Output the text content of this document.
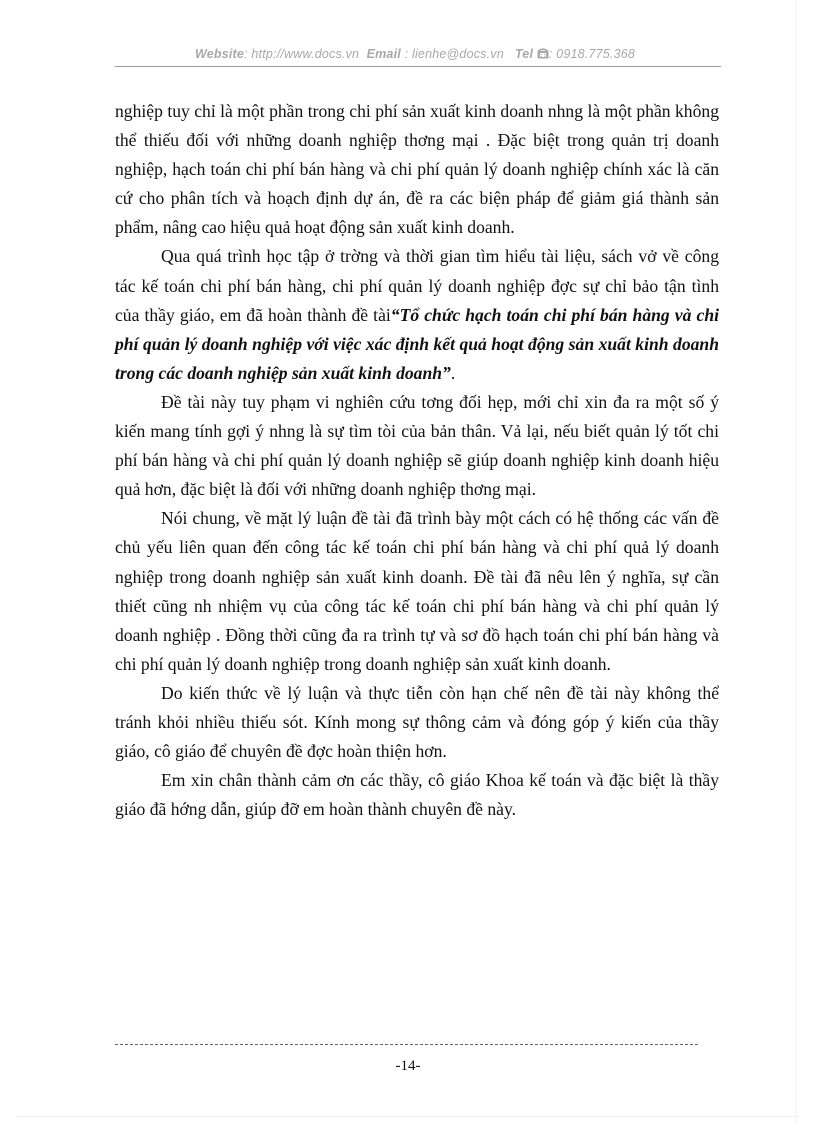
Website: http://www.docs.vn Email : lienhe@docs.vn Tel : 0918.775.368

nghiệp tuy chỉ là một phần trong chi phí sản xuất kinh doanh nhng là một phần không thể thiếu đối với những doanh nghiệp thơng mại . Đặc biệt trong quản trị doanh nghiệp, hạch toán chi phí bán hàng và chi phí quản lý doanh nghiệp chính xác là căn cứ cho phân tích và hoạch định dự án, đề ra các biện pháp để giảm giá thành sản phẩm, nâng cao hiệu quả hoạt động sản xuất kinh doanh.

Qua quá trình học tập ở trờng và thời gian tìm hiểu tài liệu, sách vở về công tác kế toán chi phí bán hàng, chi phí quản lý doanh nghiệp đợc sự chỉ bảo tận tình của thầy giáo, em đã hoàn thành đề tài“Tổ chức hạch toán chi phí bán hàng và chi phí quản lý doanh nghiệp với việc xác định kết quả hoạt động sản xuất kinh doanh trong các doanh nghiệp sản xuất kinh doanh”.

Đề tài này tuy phạm vi nghiên cứu tơng đối hẹp, mới chỉ xin đa ra một số ý kiến mang tính gợi ý nhng là sự tìm tòi của bản thân. Vả lại, nếu biết quản lý tốt chi phí bán hàng và chi phí quản lý doanh nghiệp sẽ giúp doanh nghiệp kinh doanh hiệu quả hơn, đặc biệt là đối với những doanh nghiệp thơng mại.

Nói chung, về mặt lý luận đề tài đã trình bày một cách có hệ thống các vấn đề chủ yếu liên quan đến công tác kế toán chi phí bán hàng và chi phí quả lý doanh nghiệp trong doanh nghiệp sản xuất kinh doanh. Đề tài đã nêu lên ý nghĩa, sự cần thiết cũng nh nhiệm vụ của công tác kế toán chi phí bán hàng và chi phí quản lý doanh nghiệp . Đồng thời cũng đa ra trình tự và sơ đồ hạch toán chi phí bán hàng và chi phí quản lý doanh nghiệp trong doanh nghiệp sản xuất kinh doanh.

Do kiến thức về lý luận và thực tiễn còn hạn chế nên đề tài này không thể tránh khỏi nhiều thiếu sót. Kính mong sự thông cảm và đóng góp ý kiến của thầy giáo, cô giáo để chuyên đề đợc hoàn thiện hơn.

Em xin chân thành cảm ơn các thầy, cô giáo Khoa kế toán và đặc biệt là thầy giáo đã hớng dẫn, giúp đỡ em hoàn thành chuyên đề này.

-14-
